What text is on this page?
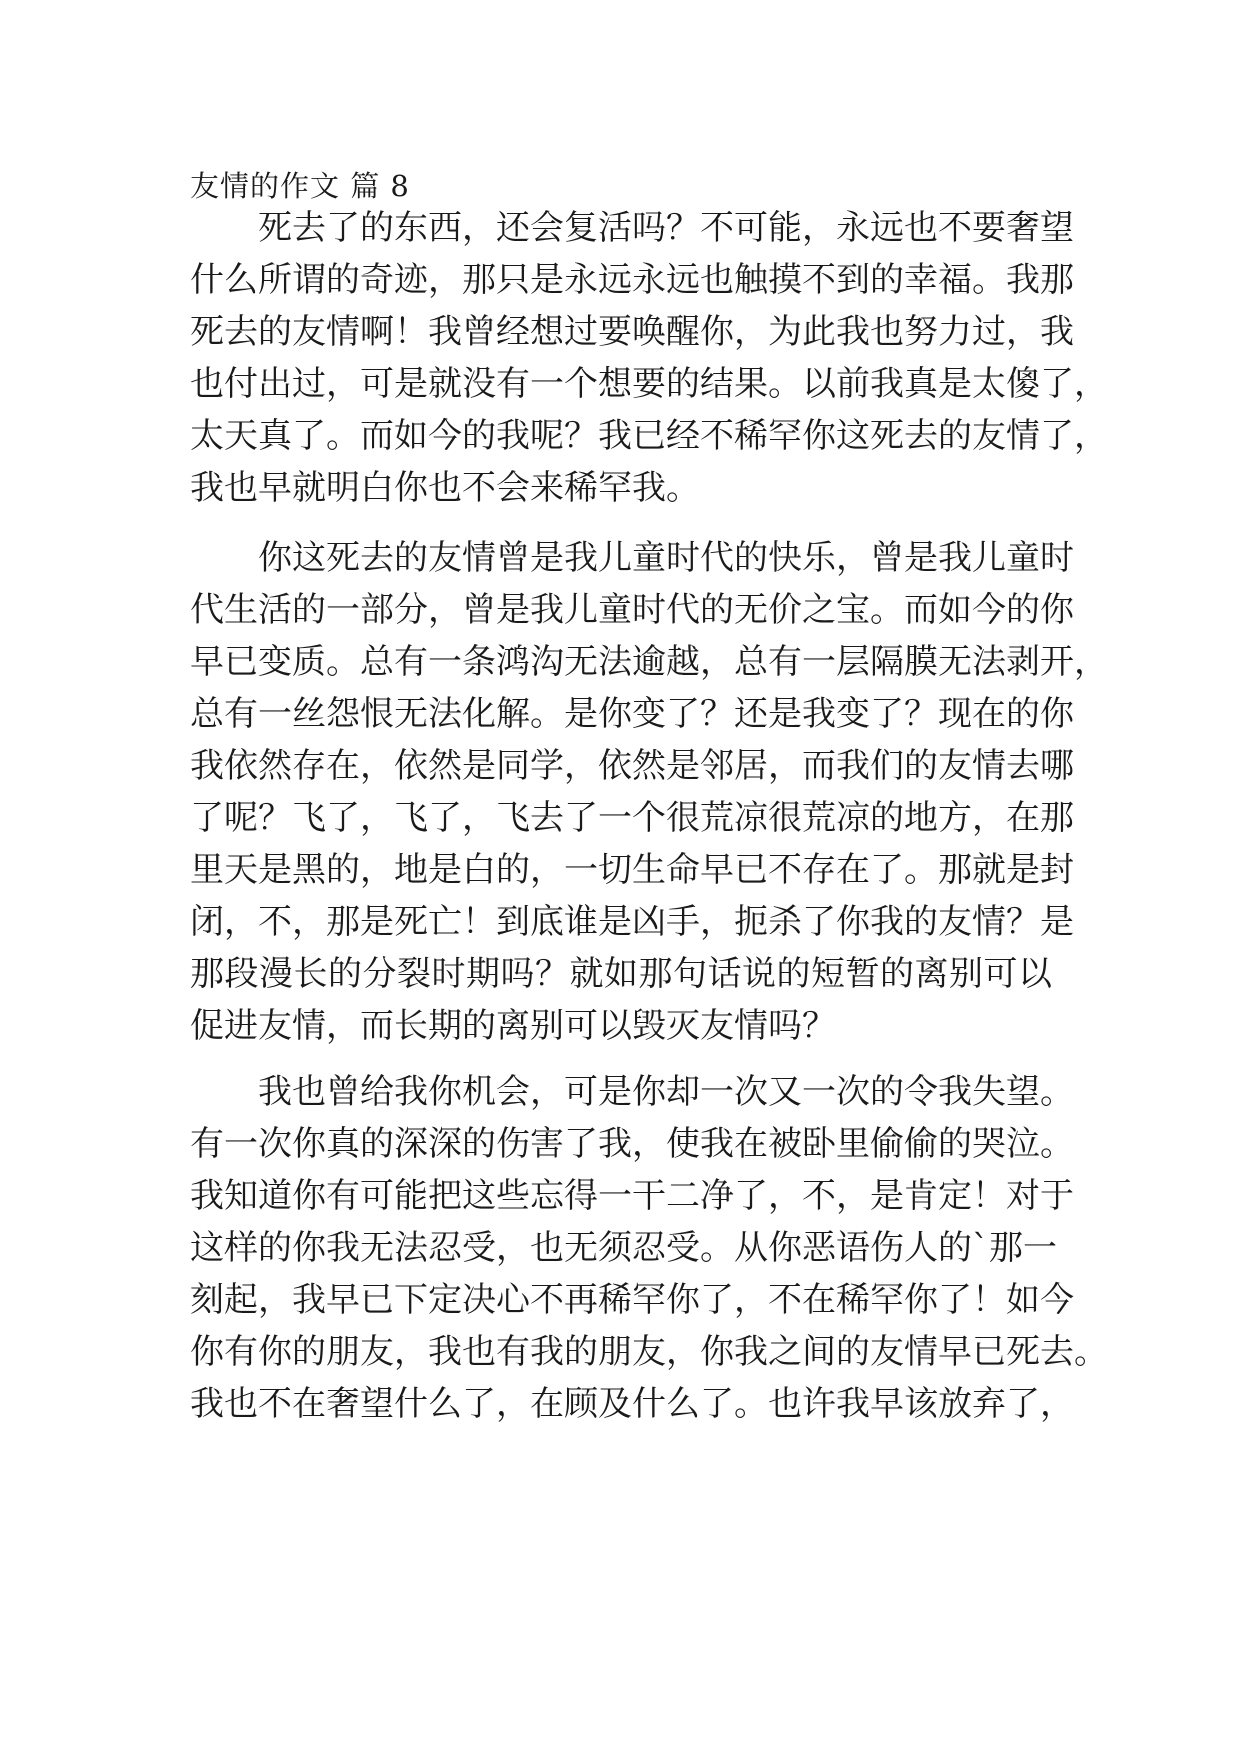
友情的作文 篇 8
死去了的东西，还会复活吗？不可能，永远也不要奢望
什么所谓的奇迹，那只是永远永远也触摸不到的幸福。我那
死去的友情啊！我曾经想过要唤醒你，为此我也努力过，我
也付出过，可是就没有一个想要的结果。以前我真是太傻了，
太天真了。而如今的我呢？我已经不稀罕你这死去的友情了，
我也早就明白你也不会来稀罕我。
你这死去的友情曾是我儿童时代的快乐，曾是我儿童时
代生活的一部分，曾是我儿童时代的无价之宝。而如今的你
早已变质。总有一条鸿沟无法逾越，总有一层隔膜无法剥开，
总有一丝怨恨无法化解。是你变了？还是我变了？现在的你
我依然存在，依然是同学，依然是邻居，而我们的友情去哪
了呢？飞了，飞了，飞去了一个很荒凉很荒凉的地方，在那
里天是黑的，地是白的，一切生命早已不存在了。那就是封
闭，不，那是死亡！到底谁是凶手，扼杀了你我的友情？是
那段漫长的分裂时期吗？就如那句话说的短暂的离别可以
促进友情，而长期的离别可以毁灭友情吗？
我也曾给我你机会，可是你却一次又一次的令我失望。
有一次你真的深深的伤害了我，使我在被卧里偷偷的哭泣。
我知道你有可能把这些忘得一干二净了，不，是肯定！对于
这样的你我无法忍受，也无须忍受。从你恶语伤人的`那一
刻起，我早已下定决心不再稀罕你了，不在稀罕你了！如今
你有你的朋友，我也有我的朋友，你我之间的友情早已死去。
我也不在奢望什么了，在顾及什么了。也许我早该放弃了，
